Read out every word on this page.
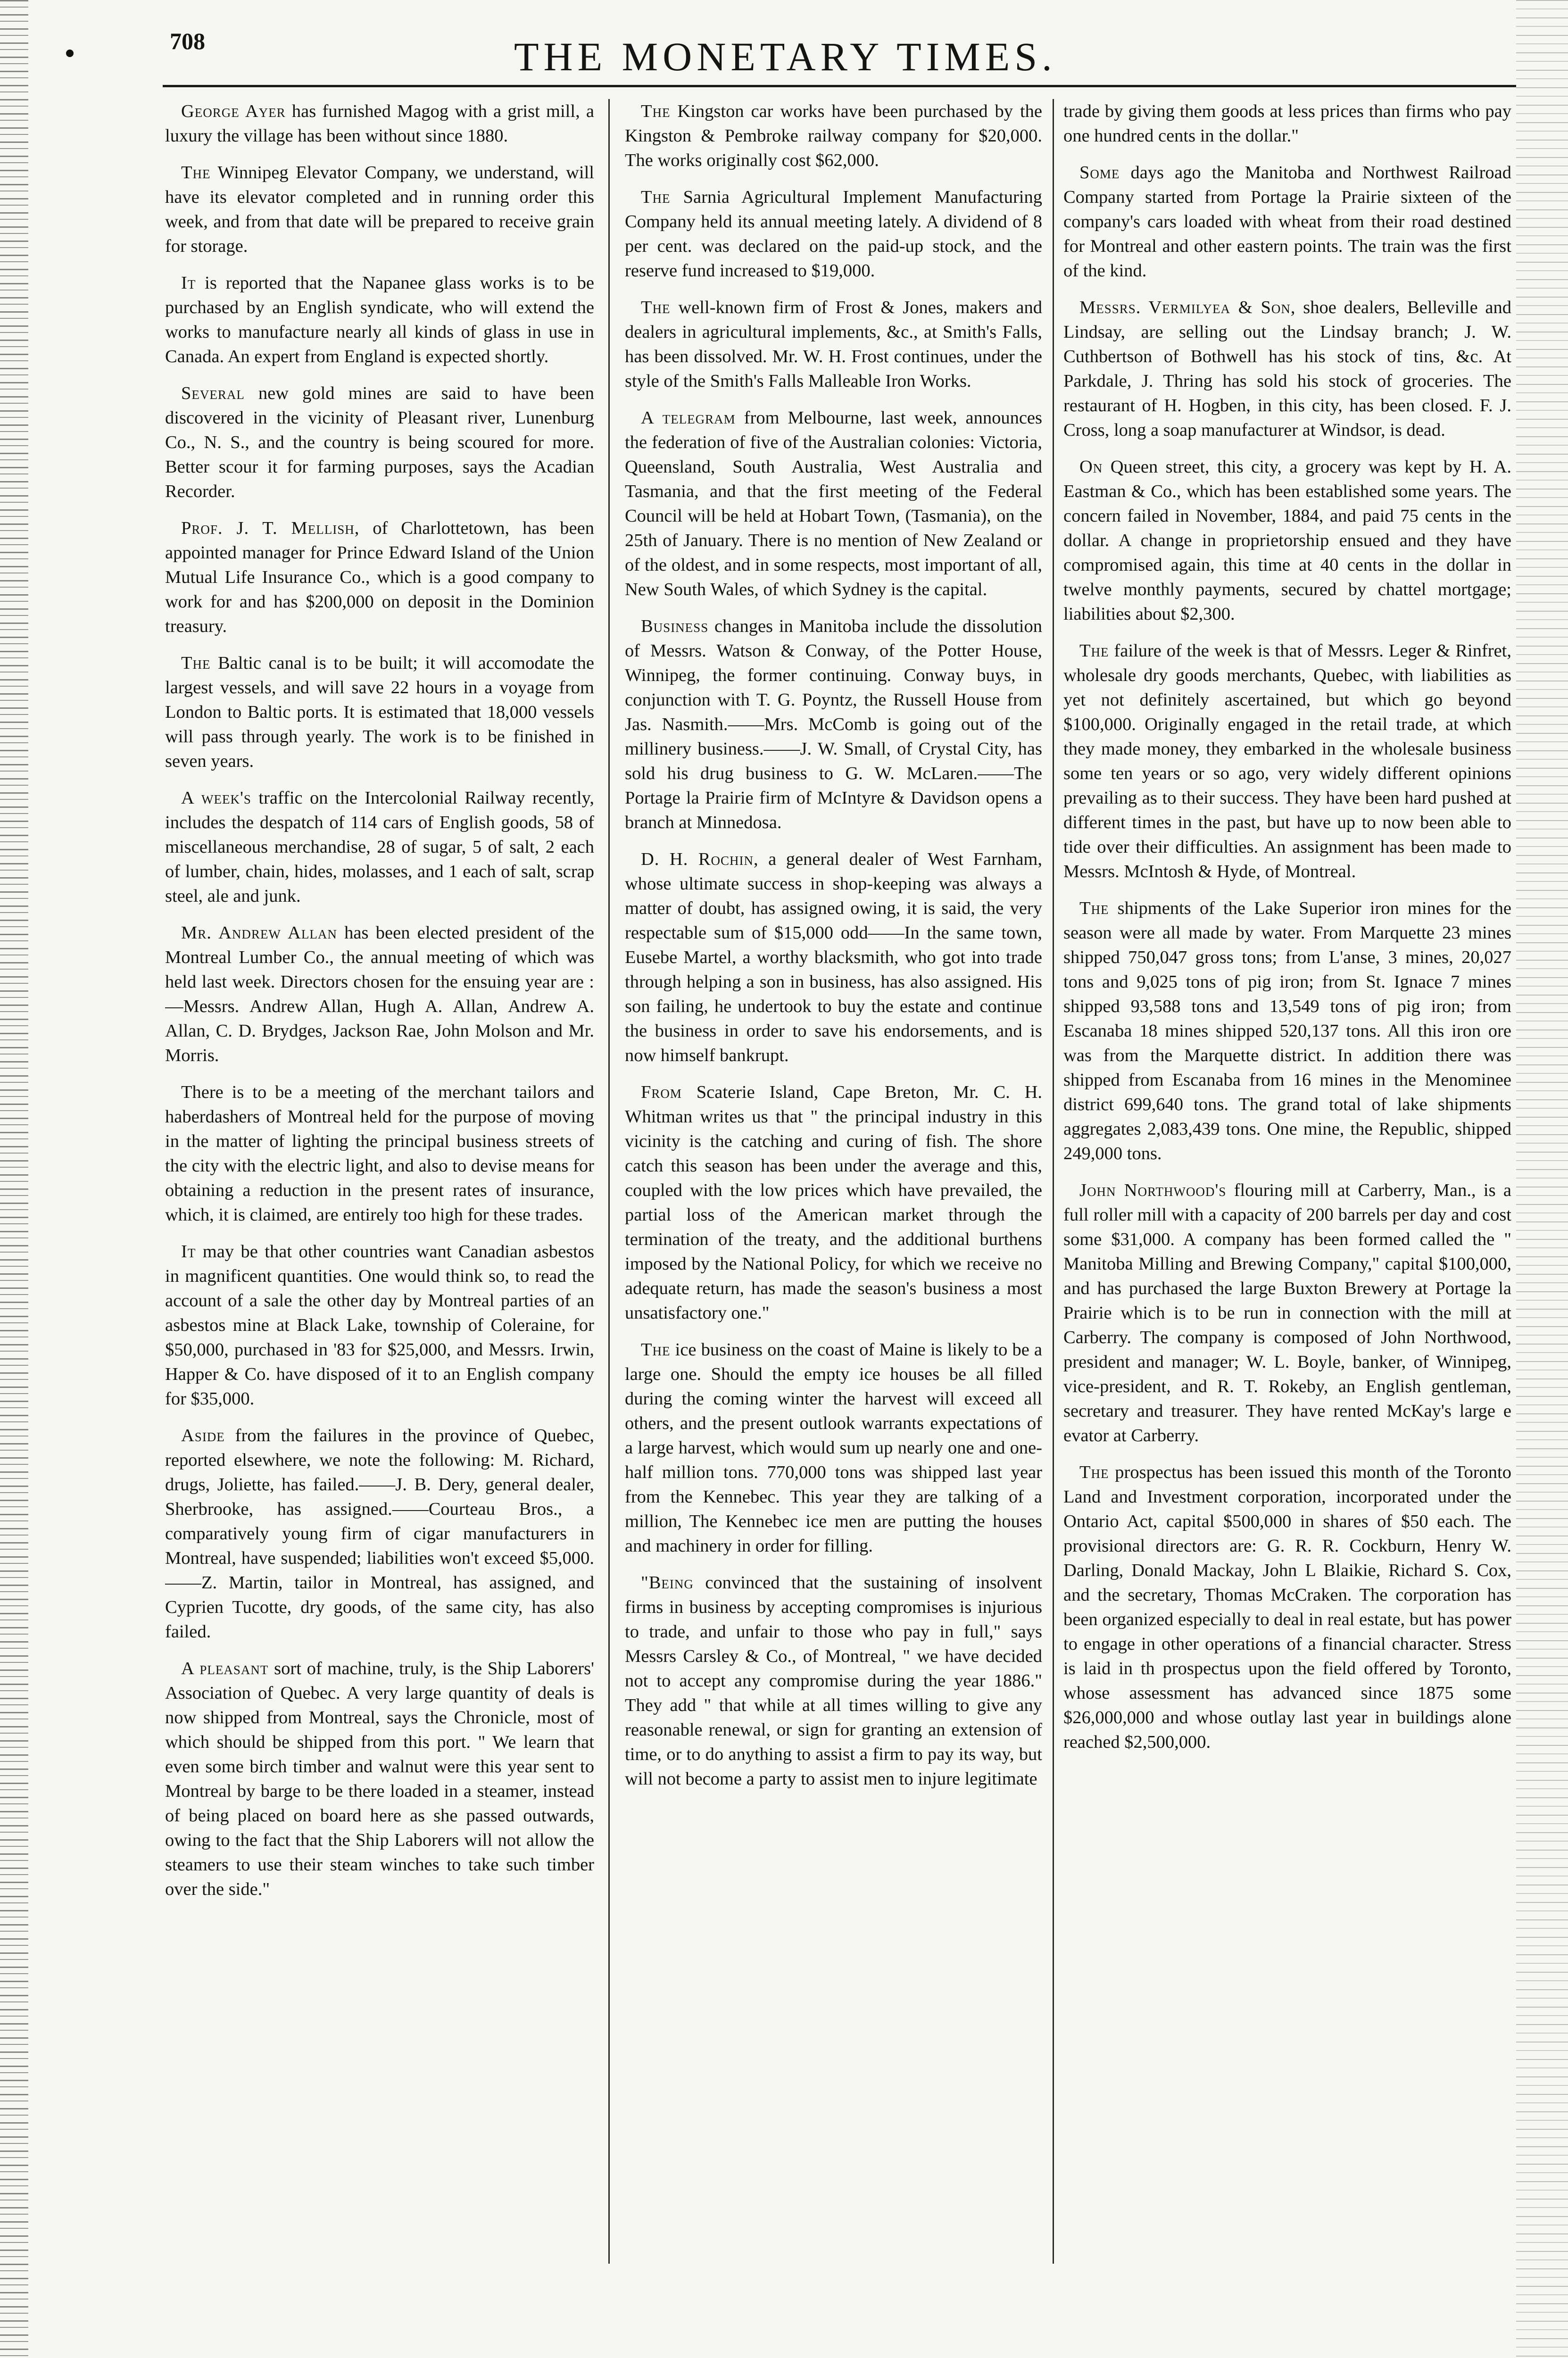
708	THE MONETARY TIMES.

George Ayer has furnished Magog with a grist mill, a luxury the village has been without since 1880.

The Winnipeg Elevator Company, we understand, will have its elevator completed and in running order this week, and from that date will be prepared to receive grain for storage.

It is reported that the Napanee glass works is to be purchased by an English syndicate, who will extend the works to manufacture nearly all kinds of glass in use in Canada. An expert from England is expected shortly.

Several new gold mines are said to have been discovered in the vicinity of Pleasant river, Lunenburg Co., N. S., and the country is being scoured for more. Better scour it for farming purposes, says the Acadian Recorder.

Prof. J. T. Mellish, of Charlottetown, has been appointed manager for Prince Edward Island of the Union Mutual Life Insurance Co., which is a good company to work for and has $200,000 on deposit in the Dominion treasury.

The Baltic canal is to be built; it will accomodate the largest vessels, and will save 22 hours in a voyage from London to Baltic ports. It is estimated that 18,000 vessels will pass through yearly. The work is to be finished in seven years.

A week's traffic on the Intercolonial Railway recently, includes the despatch of 114 cars of English goods, 58 of miscellaneous merchandise, 28 of sugar, 5 of salt, 2 each of lumber, chain, hides, molasses, and 1 each of salt, scrap steel, ale and junk.

Mr. Andrew Allan has been elected president of the Montreal Lumber Co., the annual meeting of which was held last week. Directors chosen for the ensuing year are :—Messrs. Andrew Allan, Hugh A. Allan, Andrew A. Allan, C. D. Brydges, Jackson Rae, John Molson and Mr. Morris.

There is to be a meeting of the merchant tailors and haberdashers of Montreal held for the purpose of moving in the matter of lighting the principal business streets of the city with the electric light, and also to devise means for obtaining a reduction in the present rates of insurance, which, it is claimed, are entirely too high for these trades.

It may be that other countries want Canadian asbestos in magnificent quantities. One would think so, to read the account of a sale the other day by Montreal parties of an asbestos mine at Black Lake, township of Coleraine, for $50,000, purchased in '83 for $25,000, and Messrs. Irwin, Happer & Co. have disposed of it to an English company for $35,000.

Aside from the failures in the province of Quebec, reported elsewhere, we note the following: M. Richard, drugs, Joliette, has failed.——J. B. Dery, general dealer, Sherbrooke, has assigned.——Courteau Bros., a comparatively young firm of cigar manufacturers in Montreal, have suspended; liabilities won't exceed $5,000.——Z. Martin, tailor in Montreal, has assigned, and Cyprien Tucotte, dry goods, of the same city, has also failed.

A pleasant sort of machine, truly, is the Ship Laborers' Association of Quebec. A very large quantity of deals is now shipped from Montreal, says the Chronicle, most of which should be shipped from this port. " We learn that even some birch timber and walnut were this year sent to Montreal by barge to be there loaded in a steamer, instead of being placed on board here as she passed outwards, owing to the fact that the Ship Laborers will not allow the steamers to use their steam winches to take such timber over the side."

The Kingston car works have been purchased by the Kingston & Pembroke railway company for $20,000. The works originally cost $62,000.

The Sarnia Agricultural Implement Manufacturing Company held its annual meeting lately. A dividend of 8 per cent. was declared on the paid-up stock, and the reserve fund increased to $19,000.

The well-known firm of Frost & Jones, makers and dealers in agricultural implements, &c., at Smith's Falls, has been dissolved. Mr. W. H. Frost continues, under the style of the Smith's Falls Malleable Iron Works.

A telegram from Melbourne, last week, announces the federation of five of the Australian colonies: Victoria, Queensland, South Australia, West Australia and Tasmania, and that the first meeting of the Federal Council will be held at Hobart Town, (Tasmania), on the 25th of January. There is no mention of New Zealand or of the oldest, and in some respects, most important of all, New South Wales, of which Sydney is the capital.

Business changes in Manitoba include the dissolution of Messrs. Watson & Conway, of the Potter House, Winnipeg, the former continuing. Conway buys, in conjunction with T. G. Poyntz, the Russell House from Jas. Nasmith.——Mrs. McComb is going out of the millinery business.——J. W. Small, of Crystal City, has sold his drug business to G. W. McLaren.——The Portage la Prairie firm of McIntyre & Davidson opens a branch at Minnedosa.

D. H. Rochin, a general dealer of West Farnham, whose ultimate success in shop-keeping was always a matter of doubt, has assigned owing, it is said, the very respectable sum of $15,000 odd——In the same town, Eusebe Martel, a worthy blacksmith, who got into trade through helping a son in business, has also assigned. His son failing, he undertook to buy the estate and continue the business in order to save his endorsements, and is now himself bankrupt.

From Scaterie Island, Cape Breton, Mr. C. H. Whitman writes us that " the principal industry in this vicinity is the catching and curing of fish. The shore catch this season has been under the average and this, coupled with the low prices which have prevailed, the partial loss of the American market through the termination of the treaty, and the additional burthens imposed by the National Policy, for which we receive no adequate return, has made the season's business a most unsatisfactory one."

The ice business on the coast of Maine is likely to be a large one. Should the empty ice houses be all filled during the coming winter the harvest will exceed all others, and the present outlook warrants expectations of a large harvest, which would sum up nearly one and one-half million tons. 770,000 tons was shipped last year from the Kennebec. This year they are talking of a million, The Kennebec ice men are putting the houses and machinery in order for filling.

"Being convinced that the sustaining of insolvent firms in business by accepting compromises is injurious to trade, and unfair to those who pay in full," says Messrs Carsley & Co., of Montreal, " we have decided not to accept any compromise during the year 1886." They add " that while at all times willing to give any reasonable renewal, or sign for granting an extension of time, or to do anything to assist a firm to pay its way, but will not become a party to assist men to injure legitimate

trade by giving them goods at less prices than firms who pay one hundred cents in the dollar."

Some days ago the Manitoba and Northwest Railroad Company started from Portage la Prairie sixteen of the company's cars loaded with wheat from their road destined for Montreal and other eastern points. The train was the first of the kind.

Messrs. Vermilyea & Son, shoe dealers, Belleville and Lindsay, are selling out the Lindsay branch; J. W. Cuthbertson of Bothwell has his stock of tins, &c. At Parkdale, J. Thring has sold his stock of groceries. The restaurant of H. Hogben, in this city, has been closed. F. J. Cross, long a soap manufacturer at Windsor, is dead.

On Queen street, this city, a grocery was kept by H. A. Eastman & Co., which has been established some years. The concern failed in November, 1884, and paid 75 cents in the dollar. A change in proprietorship ensued and they have compromised again, this time at 40 cents in the dollar in twelve monthly payments, secured by chattel mortgage; liabilities about $2,300.

The failure of the week is that of Messrs. Leger & Rinfret, wholesale dry goods merchants, Quebec, with liabilities as yet not definitely ascertained, but which go beyond $100,000. Originally engaged in the retail trade, at which they made money, they embarked in the wholesale business some ten years or so ago, very widely different opinions prevailing as to their success. They have been hard pushed at different times in the past, but have up to now been able to tide over their difficulties. An assignment has been made to Messrs. McIntosh & Hyde, of Montreal.

The shipments of the Lake Superior iron mines for the season were all made by water. From Marquette 23 mines shipped 750,047 gross tons; from L'anse, 3 mines, 20,027 tons and 9,025 tons of pig iron; from St. Ignace 7 mines shipped 93,588 tons and 13,549 tons of pig iron; from Escanaba 18 mines shipped 520,137 tons. All this iron ore was from the Marquette district. In addition there was shipped from Escanaba from 16 mines in the Menominee district 699,640 tons. The grand total of lake shipments aggregates 2,083,439 tons. One mine, the Republic, shipped 249,000 tons.

John Northwood's flouring mill at Carberry, Man., is a full roller mill with a capacity of 200 barrels per day and cost some $31,000. A company has been formed called the " Manitoba Milling and Brewing Company," capital $100,000, and has purchased the large Buxton Brewery at Portage la Prairie which is to be run in connection with the mill at Carberry. The company is composed of John Northwood, president and manager; W. L. Boyle, banker, of Winnipeg, vice-president, and R. T. Rokeby, an English gentleman, secretary and treasurer. They have rented McKay's large e evator at Carberry.

The prospectus has been issued this month of the Toronto Land and Investment corporation, incorporated under the Ontario Act, capital $500,000 in shares of $50 each. The provisional directors are: G. R. R. Cockburn, Henry W. Darling, Donald Mackay, John L Blaikie, Richard S. Cox, and the secretary, Thomas McCraken. The corporation has been organized especially to deal in real estate, but has power to engage in other operations of a financial character. Stress is laid in th prospectus upon the field offered by Toronto, whose assessment has advanced since 1875 some $26,000,000 and whose outlay last year in buildings alone reached $2,500,000.
